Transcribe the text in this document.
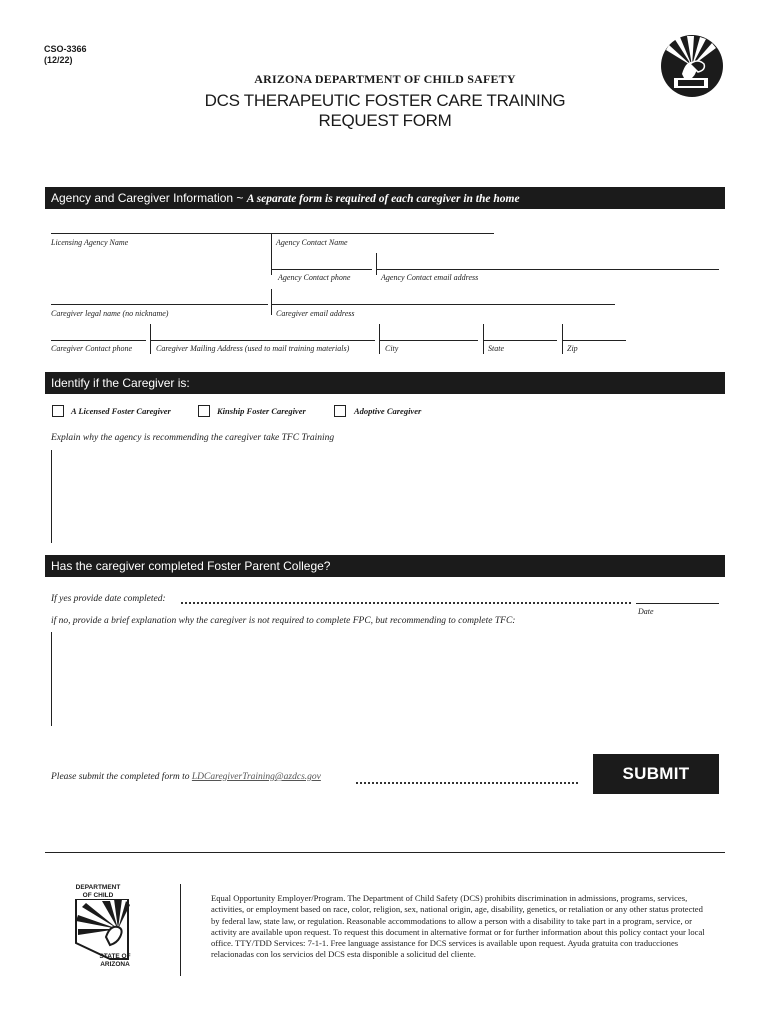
CSO-3366
(12/22)
ARIZONA DEPARTMENT OF CHILD SAFETY
DCS THERAPEUTIC FOSTER CARE TRAINING
REQUEST FORM
Agency and Caregiver Information ~ A separate form is required of each caregiver in the home
Licensing Agency Name	Agency Contact Name
Agency Contact phone	Agency Contact email address
Caregiver legal name (no nickname)	Caregiver email address
Caregiver Contact phone	Caregiver Mailing Address (used to mail training materials)	City	State	Zip
Identify if the Caregiver is:
A Licensed Foster Caregiver	Kinship Foster Caregiver	Adoptive Caregiver
Explain why the agency is recommending the caregiver take TFC Training
Has the caregiver completed Foster Parent College?
If yes provide date completed:
Date
if no, provide a brief explanation why the caregiver is not required to complete FPC, but recommending to complete TFC:
Please submit the completed form to LDCaregiverTraining@azdcs.gov	SUBMIT
DEPARTMENT
OF CHILD
STATE OF
ARIZONA
Equal Opportunity Employer/Program. The Department of Child Safety (DCS) prohibits discrimination in admissions, programs, services, activities, or employment based on race, color, religion, sex, national origin, age, disability, genetics, or retaliation or any other status protected by federal law, state law, or regulation. Reasonable accommodations to allow a person with a disability to take part in a program, service, or activity are available upon request. To request this document in alternative format or for further information about this policy contact your local office. TTY/TDD Services: 7-1-1. Free language assistance for DCS services is available upon request. Ayuda gratuita con traducciones relacionadas con los servicios del DCS esta disponible a solicitud del cliente.
